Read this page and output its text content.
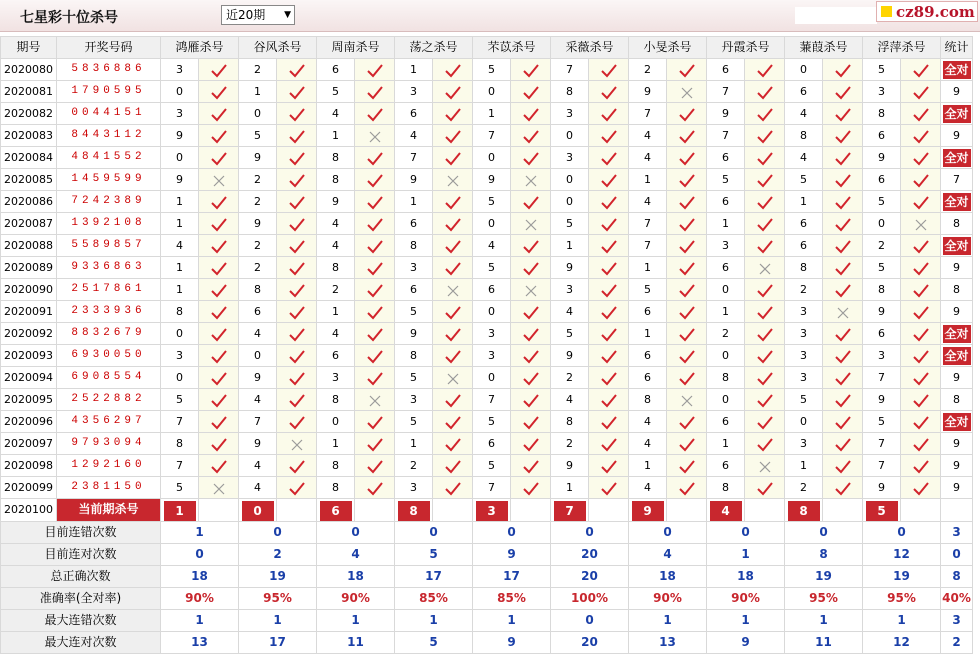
七星彩十位杀号	近20期 ▼	cz89.com
期号	开奖号码	鸿雁杀号		谷风杀号		周南杀号		荡之杀号		芣苡杀号		采薇杀号		小旻杀号		丹霞杀号		蒹葭杀号		浮萍杀号		统计
2020080	5836886	3		2		6		1		5		7		2		6		0		5		全对
2020081	1790595	0		1		5		3		0		8		9		7		6		3		9
2020082	0044151	3		0		4		6		1		3		7		9		4		8		全对
2020083	8443112	9		5		1		4		7		0		4		7		8		6		9
2020084	4841552	0		9		8		7		0		3		4		6		4		9		全对
2020085	1459599	9		2		8		9		9		0		1		5		5		6		7
2020086	7242389	1		2		9		1		5		0		4		6		1		5		全对
2020087	1392108	1		9		4		6		0		5		7		1		6		0		8
2020088	5589857	4		2		4		8		4		1		7		3		6		2		全对
2020089	9336863	1		2		8		3		5		9		1		6		8		5		9
2020090	2517861	1		8		2		6		6		3		5		0		2		8		8
2020091	2333936	8		6		1		5		0		4		6		1		3		9		9
2020092	8832679	0		4		4		9		3		5		1		2		3		6		全对
2020093	6930050	3		0		6		8		3		9		6		0		3		3		全对
2020094	6908554	0		9		3		5		0		2		6		8		3		7		9
2020095	2522882	5		4		8		3		7		4		8		0		5		9		8
2020096	4356297	7		7		0		5		5		8		4		6		0		5		全对
2020097	9793094	8		9		1		1		6		2		4		1		3		7		9
2020098	1292160	7		4		8		2		5		9		1		6		1		7		9
2020099	2381150	5		4		8		3		7		1		4		8		2		9		9
2020100	当前期杀号	1		0		6		8		3		7		9		4		8		5		
目前连错次数		1		0		0		0		0		0		0		0		0		0		3
目前连对次数		0		2		4		5		9		20		4		1		8		12		0
总正确次数		18		19		18		17		17		20		18		18		19		19		8
准确率(全对率)		90%		95%		90%		85%		85%		100%		90%		90%		95%		95%		40%
最大连错次数		1		1		1		1		1		0		1		1		1		1		3
最大连对次数		13		17		11		5		9		20		13		9		11		12		2
